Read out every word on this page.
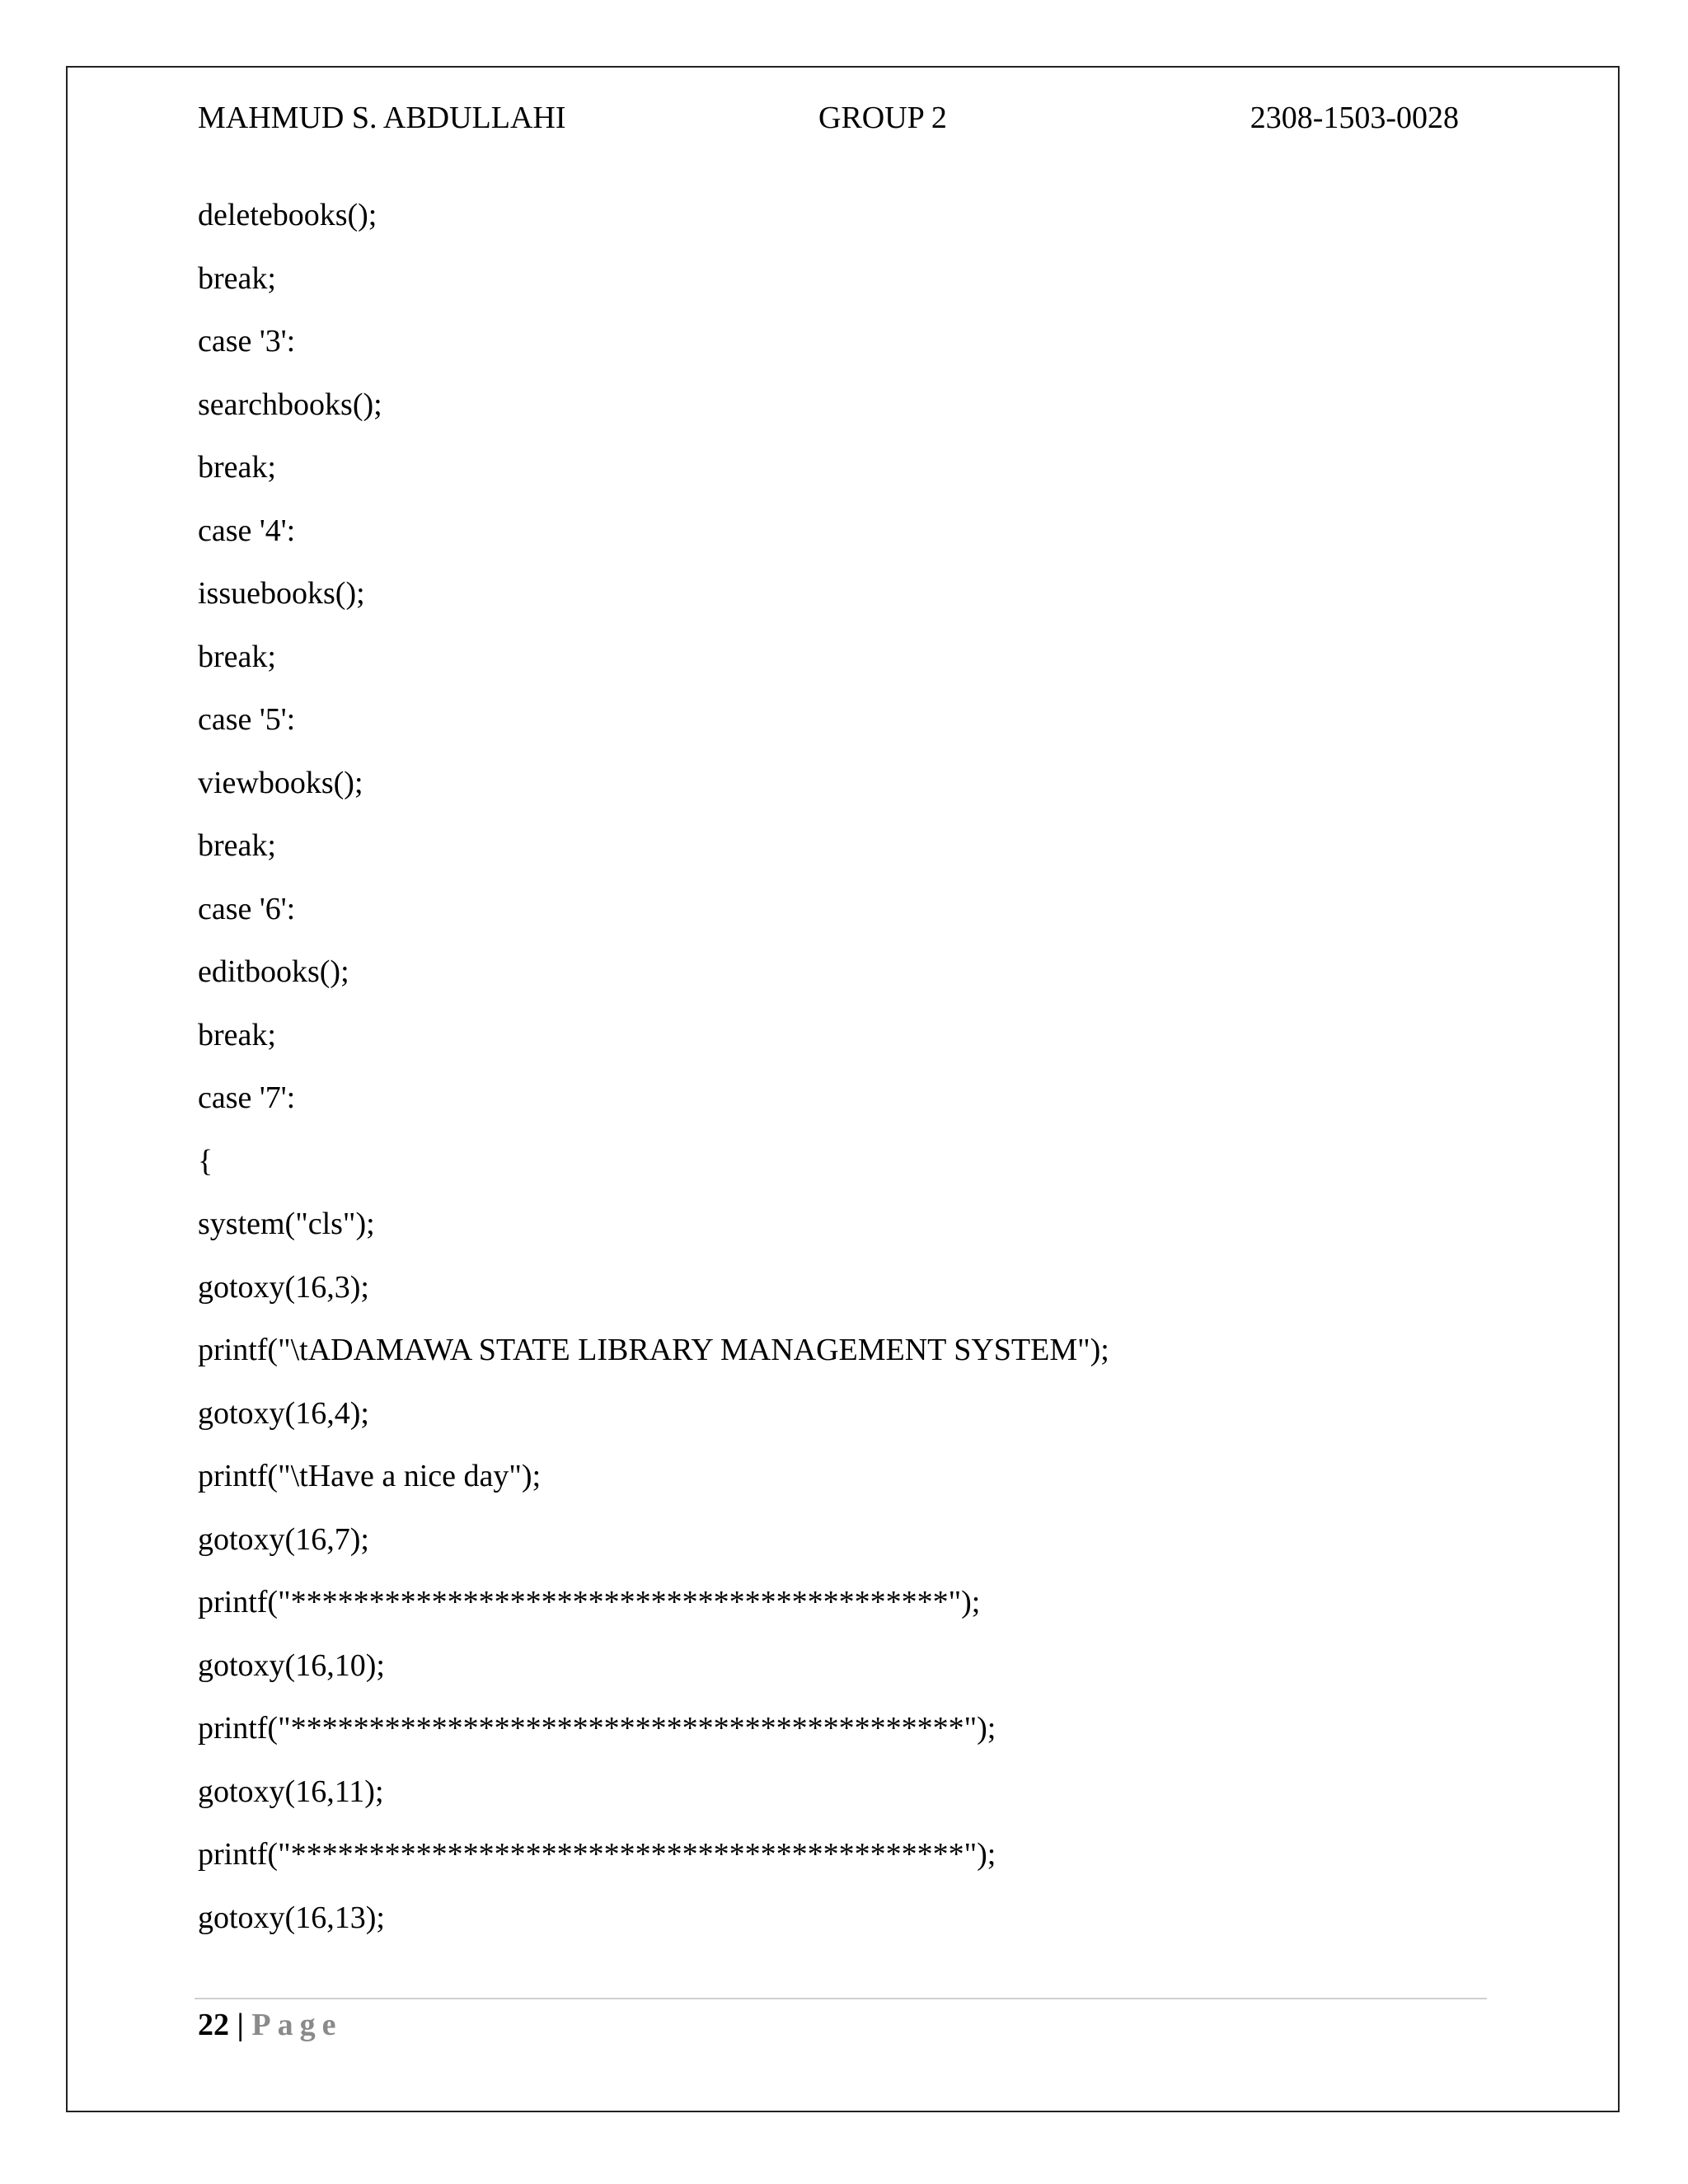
MAHMUD S. ABDULLAHI	GROUP 2	2308-1503-0028
deletebooks();
break;
case '3':
searchbooks();
break;
case '4':
issuebooks();
break;
case '5':
viewbooks();
break;
case '6':
editbooks();
break;
case '7':
{
system("cls");
gotoxy(16,3);
printf("\tADAMAWA STATE LIBRARY MANAGEMENT SYSTEM");
gotoxy(16,4);
printf("\tHave a nice day");
gotoxy(16,7);
printf("******************************************");
gotoxy(16,10);
printf("*******************************************");
gotoxy(16,11);
printf("*******************************************");
gotoxy(16,13);
22 | Page
